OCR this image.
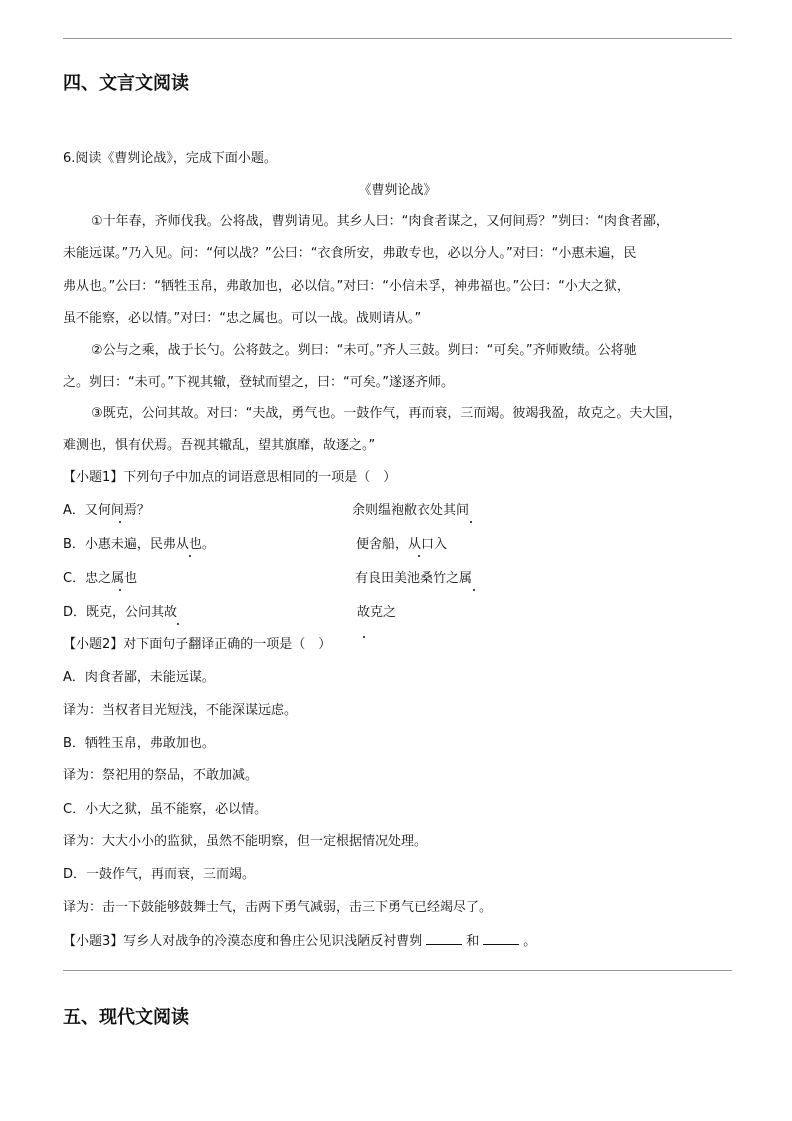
四、文言文阅读
6.阅读《曹刿论战》，完成下面小题。
《曹刿论战》
①十年春，齐师伐我。公将战，曹刿请见。其乡人曰：“肉食者谋之，又何间焉？”刿曰：“肉食者鄙，
未能远谋。”乃入见。问：“何以战？”公曰：“衣食所安，弗敢专也，必以分人。”对曰：“小惠未遍，民
弗从也。”公曰：“牺牲玉帛，弗敢加也，必以信。”对曰：“小信未孚，神弗福也。”公曰：“小大之狱，
虽不能察，必以情。”对曰：“忠之属也。可以一战。战则请从。”
②公与之乘，战于长勺。公将鼓之。刿曰：“未可。”齐人三鼓。刿曰：“可矣。”齐师败绩。公将驰
之。刿曰：“未可。”下视其辙，登轼而望之，曰：“可矣。”遂逐齐师。
③既克，公问其故。对曰：“夫战，勇气也。一鼓作气，再而衰，三而竭。彼竭我盈，故克之。夫大国，
难测也，惧有伏焉。吾视其辙乱，望其旗靡，故逐之。”
【小题1】下列句子中加点的词语意思相同的一项是（　）
A．又何间焉？	余则缊袍敝衣处其间
B．小惠未遍，民弗从也。	便舍船，从口入
C．忠之属也	有良田美池桑竹之属
D．既克，公问其故	故克之
【小题2】对下面句子翻译正确的一项是（　）
A．肉食者鄙，未能远谋。
译为：当权者目光短浅，不能深谋远虑。
B．牺牲玉帛，弗敢加也。
译为：祭祀用的祭品，不敢加减。
C．小大之狱，虽不能察，必以情。
译为：大大小小的监狱，虽然不能明察，但一定根据情况处理。
D．一鼓作气，再而衰，三而竭。
译为：击一下鼓能够鼓舞士气，击两下勇气减弱，击三下勇气已经竭尽了。
【小题3】写乡人对战争的冷漠态度和鲁庄公见识浅陋反衬曹刿	和	。
五、现代文阅读
